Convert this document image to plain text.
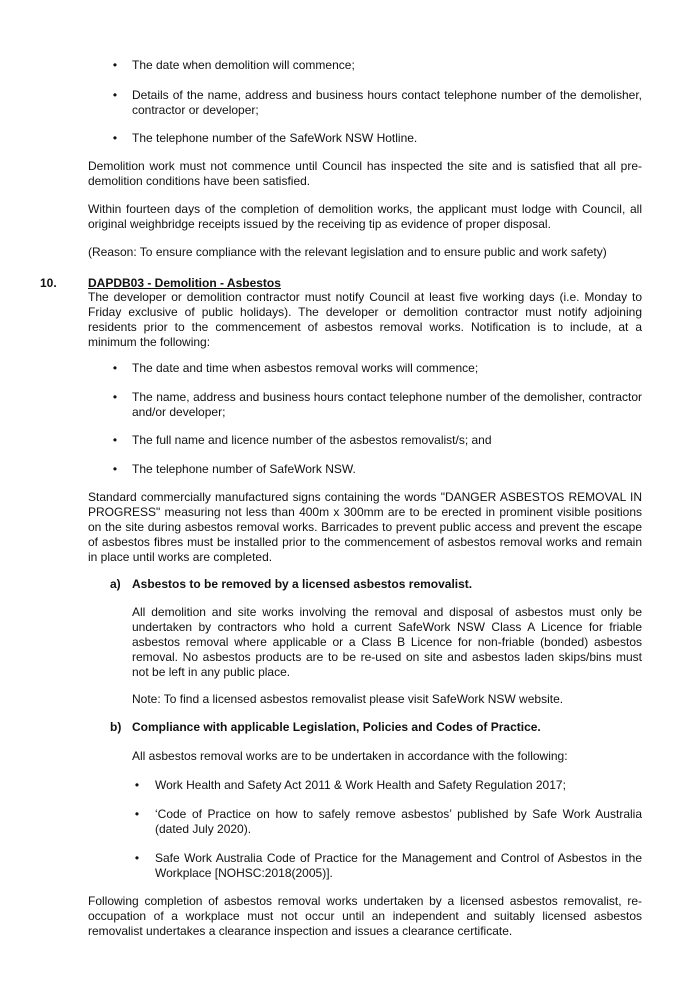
• The date when demolition will commence;

• Details of the name, address and business hours contact telephone number of the demolisher, contractor or developer;

• The telephone number of the SafeWork NSW Hotline.

Demolition work must not commence until Council has inspected the site and is satisfied that all pre-demolition conditions have been satisfied.

Within fourteen days of the completion of demolition works, the applicant must lodge with Council, all original weighbridge receipts issued by the receiving tip as evidence of proper disposal.

(Reason: To ensure compliance with the relevant legislation and to ensure public and work safety)

10.	DAPDB03 - Demolition - Asbestos

The developer or demolition contractor must notify Council at least five working days (i.e. Monday to Friday exclusive of public holidays). The developer or demolition contractor must notify adjoining residents prior to the commencement of asbestos removal works. Notification is to include, at a minimum the following:

• The date and time when asbestos removal works will commence;

• The name, address and business hours contact telephone number of the demolisher, contractor and/or developer;

• The full name and licence number of the asbestos removalist/s; and

• The telephone number of SafeWork NSW.

Standard commercially manufactured signs containing the words "DANGER ASBESTOS REMOVAL IN PROGRESS" measuring not less than 400m x 300mm are to be erected in prominent visible positions on the site during asbestos removal works. Barricades to prevent public access and prevent the escape of asbestos fibres must be installed prior to the commencement of asbestos removal works and remain in place until works are completed.

a) Asbestos to be removed by a licensed asbestos removalist.

All demolition and site works involving the removal and disposal of asbestos must only be undertaken by contractors who hold a current SafeWork NSW Class A Licence for friable asbestos removal where applicable or a Class B Licence for non-friable (bonded) asbestos removal. No asbestos products are to be re-used on site and asbestos laden skips/bins must not be left in any public place.

Note: To find a licensed asbestos removalist please visit SafeWork NSW website.

b) Compliance with applicable Legislation, Policies and Codes of Practice.

All asbestos removal works are to be undertaken in accordance with the following:

• Work Health and Safety Act 2011 & Work Health and Safety Regulation 2017;

• ‘Code of Practice on how to safely remove asbestos’ published by Safe Work Australia (dated July 2020).

• Safe Work Australia Code of Practice for the Management and Control of Asbestos in the Workplace [NOHSC:2018(2005)].

Following completion of asbestos removal works undertaken by a licensed asbestos removalist, re-occupation of a workplace must not occur until an independent and suitably licensed asbestos removalist undertakes a clearance inspection and issues a clearance certificate.
